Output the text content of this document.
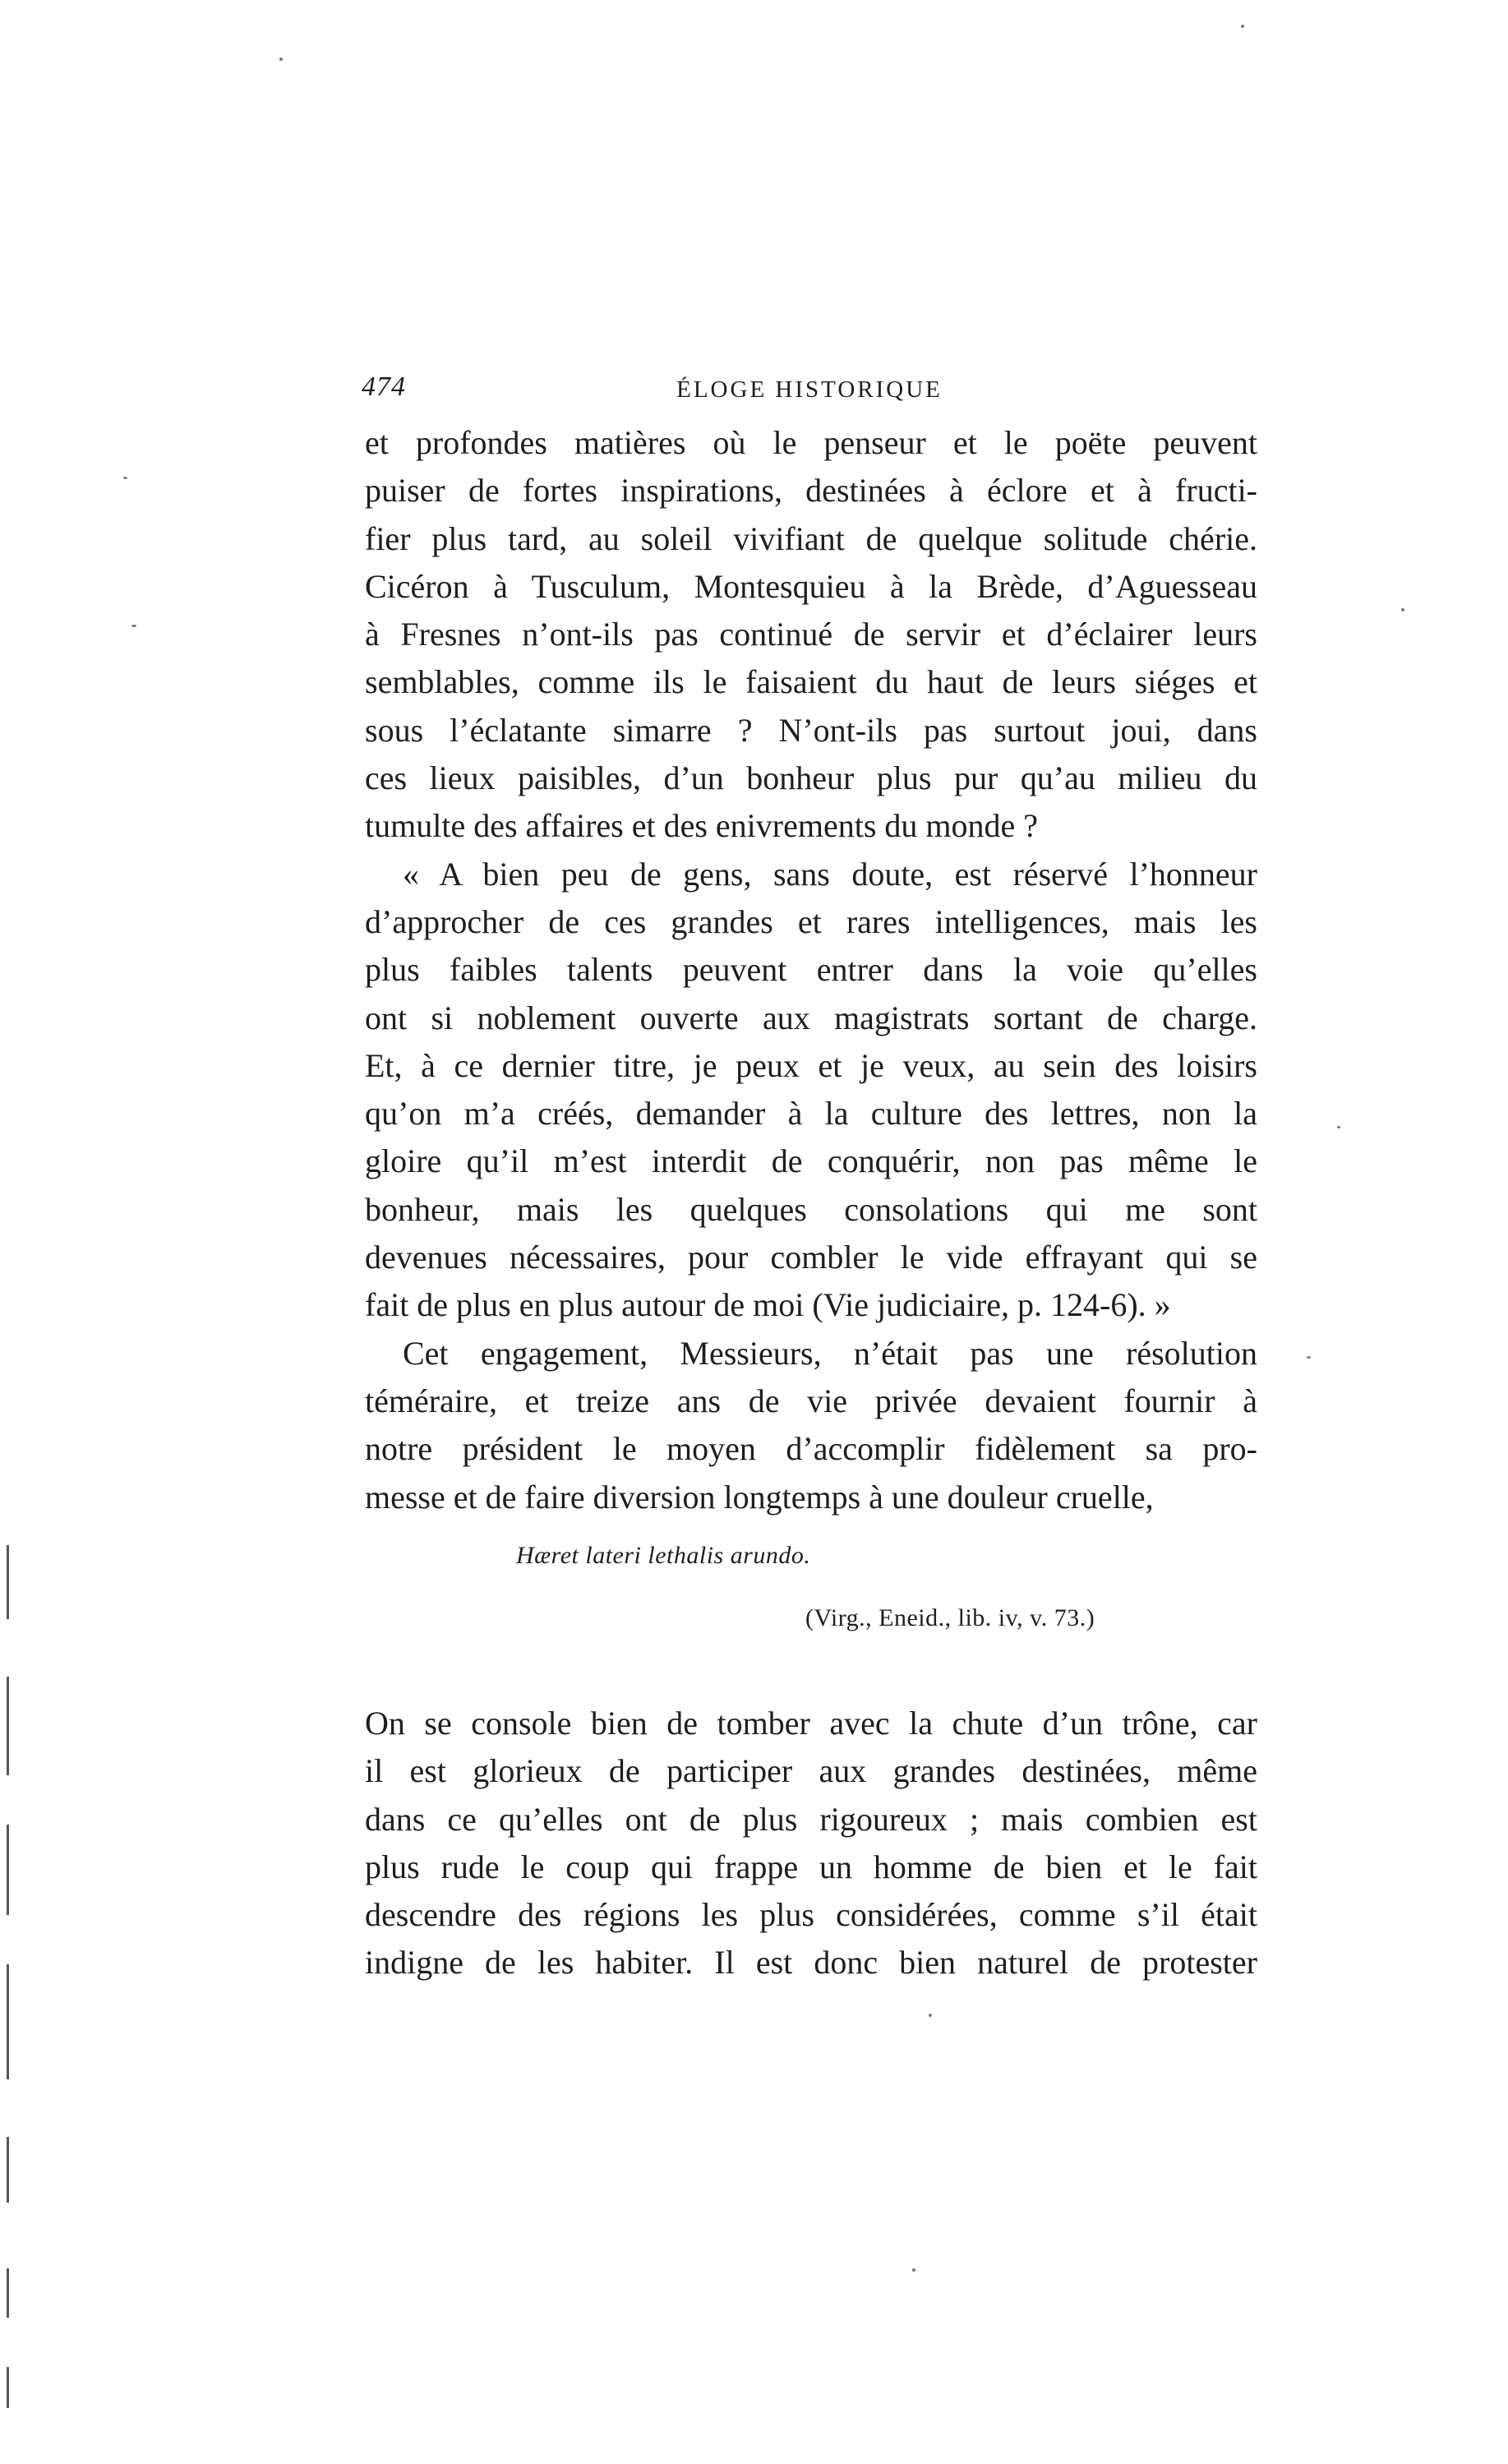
474	ÉLOGE HISTORIQUE
et profondes matières où le penseur et le poëte peuvent
puiser de fortes inspirations, destinées à éclore et à fructi-
fier plus tard, au soleil vivifiant de quelque solitude chérie.
Cicéron à Tusculum, Montesquieu à la Brède, d’Aguesseau
à Fresnes n’ont-ils pas continué de servir et d’éclairer leurs
semblables, comme ils le faisaient du haut de leurs siéges et
sous l’éclatante simarre ? N’ont-ils pas surtout joui, dans
ces lieux paisibles, d’un bonheur plus pur qu’au milieu du
tumulte des affaires et des enivrements du monde ?
« A bien peu de gens, sans doute, est réservé l’honneur
d’approcher de ces grandes et rares intelligences, mais les
plus faibles talents peuvent entrer dans la voie qu’elles
ont si noblement ouverte aux magistrats sortant de charge.
Et, à ce dernier titre, je peux et je veux, au sein des loisirs
qu’on m’a créés, demander à la culture des lettres, non la
gloire qu’il m’est interdit de conquérir, non pas même le
bonheur, mais les quelques consolations qui me sont
devenues nécessaires, pour combler le vide effrayant qui se
fait de plus en plus autour de moi (Vie judiciaire, p. 124-6). »
Cet engagement, Messieurs, n’était pas une résolution
téméraire, et treize ans de vie privée devaient fournir à
notre président le moyen d’accomplir fidèlement sa pro-
messe et de faire diversion longtemps à une douleur cruelle,
Hæret lateri lethalis arundo.
(Virg., Eneid., lib. iv, v. 73.)
On se console bien de tomber avec la chute d’un trône, car
il est glorieux de participer aux grandes destinées, même
dans ce qu’elles ont de plus rigoureux ; mais combien est
plus rude le coup qui frappe un homme de bien et le fait
descendre des régions les plus considérées, comme s’il était
indigne de les habiter. Il est donc bien naturel de protester
